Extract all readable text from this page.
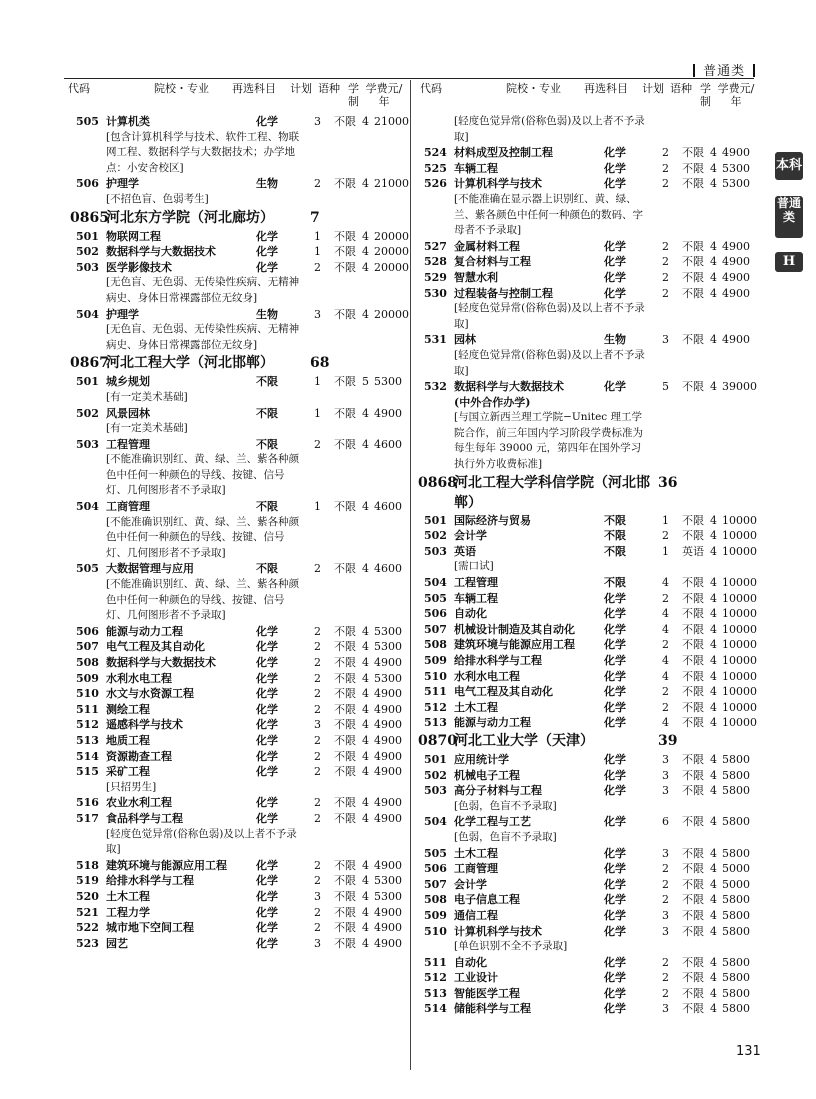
普通类
代码	院校・专业 再选科目 计划 语种 学制
学费元/年
代码	院校・专业 再选科目 计划 语种 学制
学费元/年
505 计算机类	化学	3 不限 4 21000
[包含计算机科学与技术、软件工程、物联网工程、数据科学与大数据技术；办学地点：小安舍校区]
506 护理学	生物	2 不限 4 21000
[不招色盲、色弱考生]
0865
河北东方学院（河北廊坊）	7
501 物联网工程	化学	1 不限 4 20000
502 数据科学与大数据技术	化学	1 不限 4 20000
503 医学影像技术	化学	2 不限 4 20000
[无色盲、无色弱、无传染性疾病、无精神病史、身体日常裸露部位无纹身]
504 护理学	生物	3 不限 4 20000
[无色盲、无色弱、无传染性疾病、无精神病史、身体日常裸露部位无纹身]
0867
河北工程大学（河北邯郸）	68
501 城乡规划	不限	1 不限 5 5300
[有一定美术基础]
502 风景园林	不限	1 不限 4 4900
[有一定美术基础]
503 工程管理	不限	2 不限 4 4600
[不能准确识别红、黄、绿、兰、紫各种颜色中任何一种颜色的导线、按键、信号灯、几何图形者不予录取]
504 工商管理	不限	1 不限 4 4600
[不能准确识别红、黄、绿、兰、紫各种颜色中任何一种颜色的导线、按键、信号灯、几何图形者不予录取]
505 大数据管理与应用	不限	2 不限 4 4600
[不能准确识别红、黄、绿、兰、紫各种颜色中任何一种颜色的导线、按键、信号灯、几何图形者不予录取]
506 能源与动力工程	化学	2 不限 4 5300
507 电气工程及其自动化	化学	2 不限 4 5300
508 数据科学与大数据技术	化学	2 不限 4 4900
509 水利水电工程	化学	2 不限 4 5300
510 水文与水资源工程	化学	2 不限 4 4900
511 测绘工程	化学	2 不限 4 4900
512 遥感科学与技术	化学	3 不限 4 4900
513 地质工程	化学	2 不限 4 4900
514 资源勘查工程	化学	2 不限 4 4900
515 采矿工程	化学	2 不限 4 4900
[只招男生]
516 农业水利工程	化学	2 不限 4 4900
517 食品科学与工程	化学	2 不限 4 4900
[轻度色觉异常(俗称色弱)及以上者不予录取]
518 建筑环境与能源应用工程	化学	2 不限 4 4900
519 给排水科学与工程	化学	2 不限 4 5300
520 土木工程	化学	3 不限 4 5300
521 工程力学	化学	2 不限 4 4900
522 城市地下空间工程	化学	2 不限 4 4900
523 园艺	化学	3 不限 4 4900
[轻度色觉异常(俗称色弱)及以上者不予录取]
524 材料成型及控制工程	化学	2 不限 4 4900
525 车辆工程	化学	2 不限 4 5300
526 计算机科学与技术	化学	2 不限 4 5300
[不能准确在显示器上识别红、黄、绿、兰、紫各颜色中任何一种颜色的数码、字母者不予录取]
527 金属材料工程	化学	2 不限 4 4900
528 复合材料与工程	化学	2 不限 4 4900
529 智慧水利	化学	2 不限 4 4900
530 过程装备与控制工程	化学	2 不限 4 4900
[轻度色觉异常(俗称色弱)及以上者不予录取]
531 园林	生物	3 不限 4 4900
[轻度色觉异常(俗称色弱)及以上者不予录取]
532 数据科学与大数据技术	化学	5 不限 4 39000
(中外合作办学)
[与国立新西兰理工学院−Unitec 理工学院合作，前三年国内学习阶段学费标准为每生每年 39000 元，第四年在国外学习执行外方收费标准]
0868
河北工程大学科信学院（河北邯郸）
36
501 国际经济与贸易	不限	1 不限 4 10000
502 会计学	不限	2 不限 4 10000
503 英语	不限	1 英语 4 10000
[需口试]
504 工程管理	不限	4 不限 4 10000
505 车辆工程	化学	2 不限 4 10000
506 自动化	化学	4 不限 4 10000
507 机械设计制造及其自动化	化学	4 不限 4 10000
508 建筑环境与能源应用工程	化学	2 不限 4 10000
509 给排水科学与工程	化学	4 不限 4 10000
510 水利水电工程	化学	4 不限 4 10000
511 电气工程及其自动化	化学	2 不限 4 10000
512 土木工程	化学	2 不限 4 10000
513 能源与动力工程	化学	4 不限 4 10000
0870
河北工业大学（天津）	39
501 应用统计学	化学	3 不限 4 5800
502 机械电子工程	化学	3 不限 4 5800
503 高分子材料与工程	化学	3 不限 4 5800
[色弱，色盲不予录取]
504 化学工程与工艺	化学	6 不限 4 5800
[色弱，色盲不予录取]
505 土木工程	化学	3 不限 4 5800
506 工商管理	化学	2 不限 4 5000
507 会计学	化学	2 不限 4 5000
508 电子信息工程	化学	2 不限 4 5800
509 通信工程	化学	3 不限 4 5800
510 计算机科学与技术	化学	3 不限 4 5800
[单色识别不全不予录取]
511 自动化	化学	2 不限 4 5800
512 工业设计	化学	2 不限 4 5800
513 智能医学工程	化学	2 不限 4 5800
514 储能科学与工程	化学	3 不限 4 5800
本科
普通类
H
131
